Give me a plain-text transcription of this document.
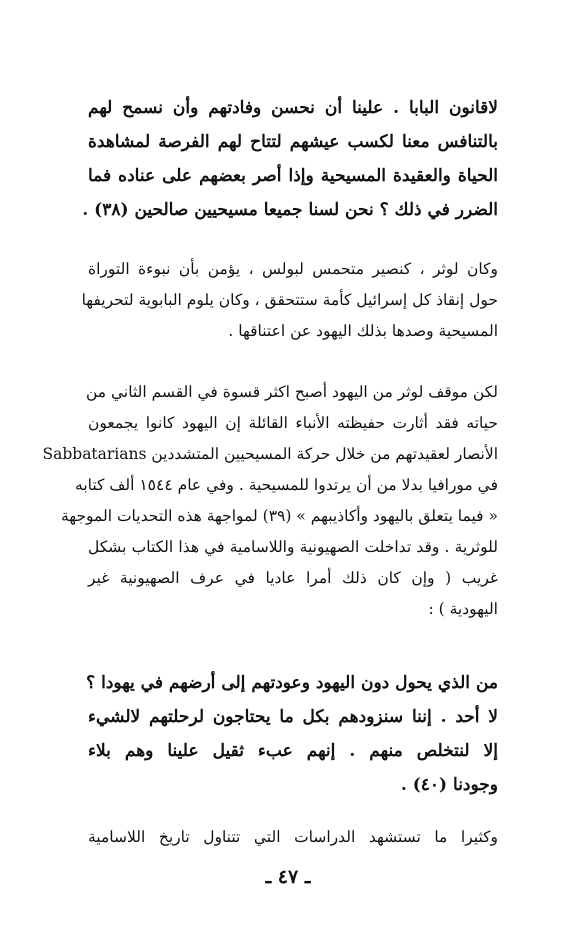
لاقانون البابا . علينا أن نحسن وفادتهم وأن نسمح لهم
بالتنافس معنا لكسب عيشهم لتتاح لهم الفرصة لمشاهدة
الحياة والعقيدة المسيحية وإذا أصر بعضهم على عناده فما
الضرر في ذلك ؟ نحن لسنا جميعا مسيحيين صالحين (٣٨) .
وكان لوثر ، كنصير متحمس لبولس ، يؤمن بأن نبوءة التوراة
حول إنقاذ كل إسرائيل كأمة ستتحقق ، وكان يلوم البابوية لتحريفها
المسيحية وصدها بذلك اليهود عن اعتناقها .
لكن موقف لوثر من اليهود أصبح اكثر قسوة في القسم الثاني من
حياته فقد أثارت حفيظته الأنباء القائلة إن اليهود كانوا يجمعون
الأنصار لعقيدتهم من خلال حركة المسيحيين المتشددين Sabbatarians
في مورافيا بدلا من أن يرتدوا للمسيحية . وفي عام ١٥٤٤ ألف كتابه
« فيما يتعلق باليهود وأكاذيبهم » (٣٩) لمواجهة هذه التحديات الموجهة
للوثرية . وقد تداخلت الصهيونية واللاسامية في هذا الكتاب بشكل
غريب ( وإن كان ذلك أمرا عاديا في عرف الصهيونية غير
اليهودية ) :
من الذي يحول دون اليهود وعودتهم إلى أرضهم في يهودا ؟
لا أحد . إننا سنزودهم بكل ما يحتاجون لرحلتهم لالشيء
إلا لنتخلص منهم . إنهم عبء ثقيل علينا وهم بلاء
وجودنا (٤٠) .
وكثيرا ما تستشهد الدراسات التي تتناول تاريخ اللاسامية
ـ ٤٧ ـ
